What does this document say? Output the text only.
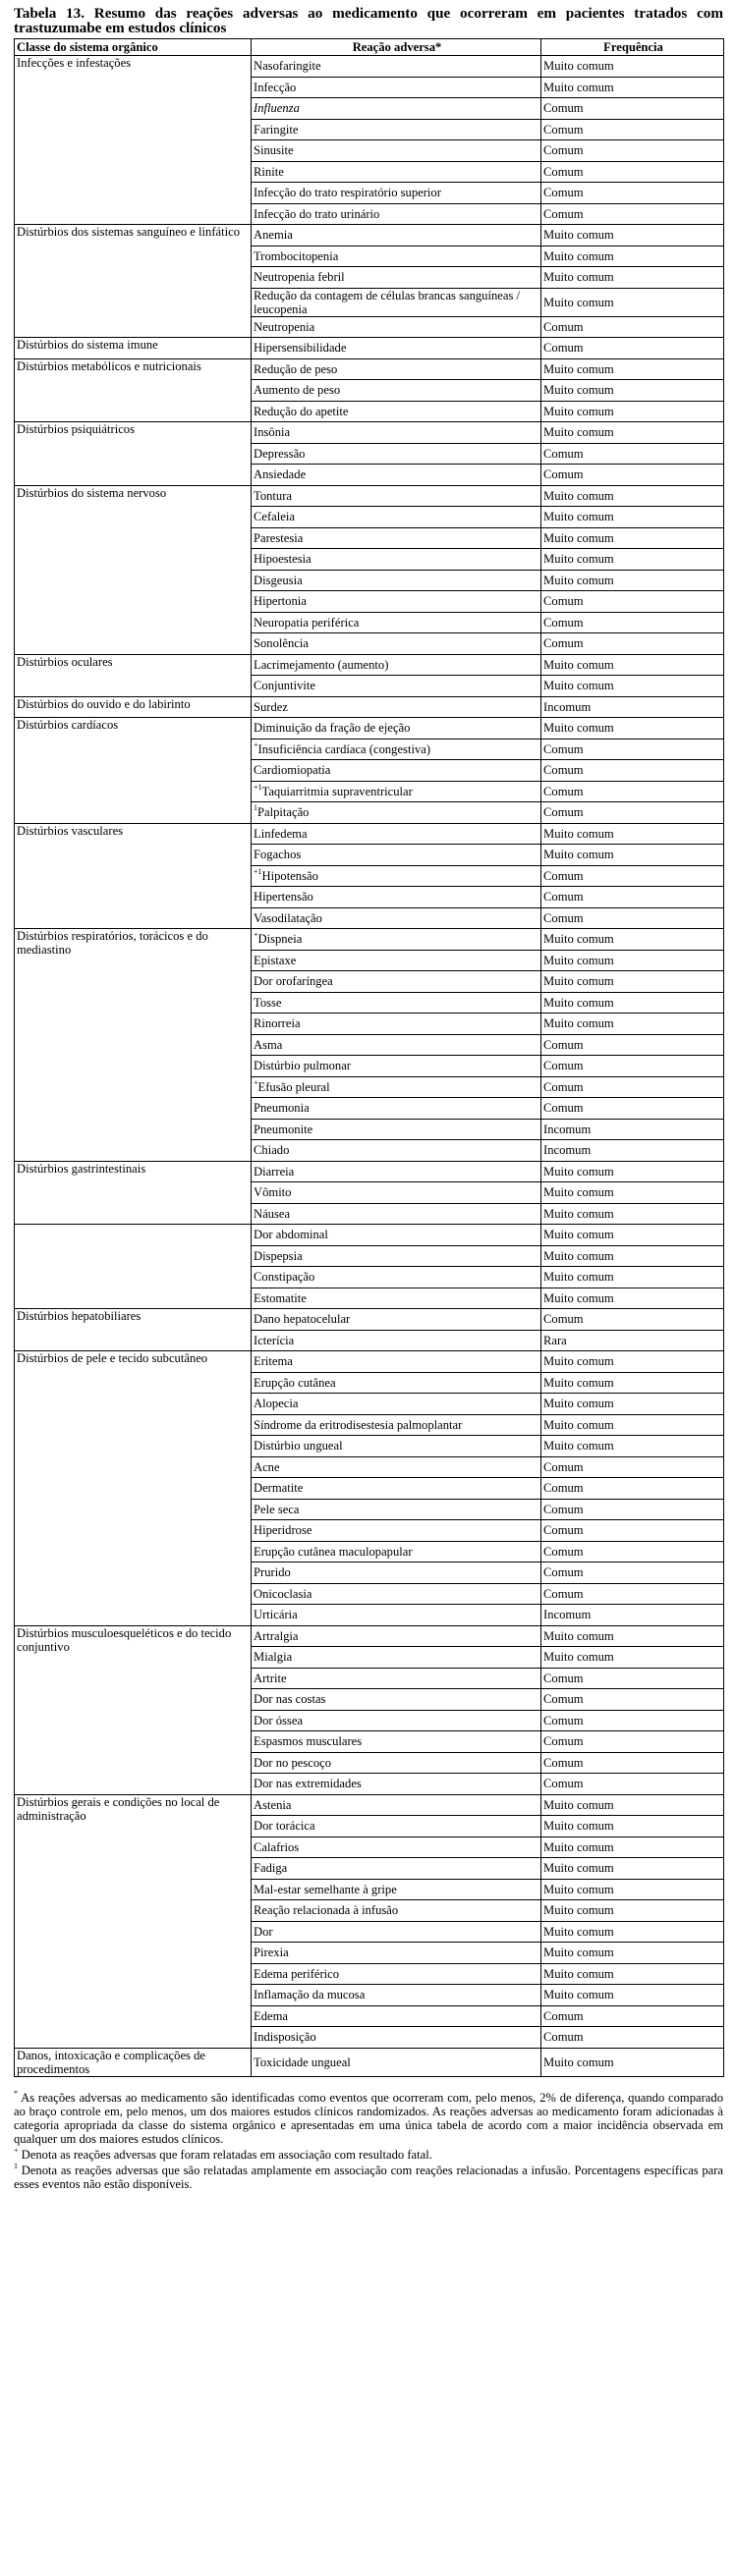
Tabela 13. Resumo das reações adversas ao medicamento que ocorreram em pacientes tratados com trastuzumabe em estudos clínicos
Classe do sistema orgânico	Reação adversa*	Frequência
Infecções e infestações	Nasofaringite	Muito comum
	Infecção	Muito comum
	Influenza	Comum
	Faringite	Comum
	Sinusite	Comum
	Rinite	Comum
	Infecção do trato respiratório superior	Comum
	Infecção do trato urinário	Comum
Distúrbios dos sistemas sanguíneo e linfático	Anemia	Muito comum
	Trombocitopenia	Muito comum
	Neutropenia febril	Muito comum
	Redução da contagem de células brancas sanguíneas / leucopenia	Muito comum
	Neutropenia	Comum
Distúrbios do sistema imune	Hipersensibilidade	Comum
Distúrbios metabólicos e nutricionais	Redução de peso	Muito comum
	Aumento de peso	Muito comum
	Redução do apetite	Muito comum
Distúrbios psiquiátricos	Insônia	Muito comum
	Depressão	Comum
	Ansiedade	Comum
Distúrbios do sistema nervoso	Tontura	Muito comum
	Cefaleia	Muito comum
	Parestesia	Muito comum
	Hipoestesia	Muito comum
	Disgeusia	Muito comum
	Hipertonia	Comum
	Neuropatia periférica	Comum
	Sonolência	Comum
Distúrbios oculares	Lacrimejamento (aumento)	Muito comum
	Conjuntivite	Muito comum
Distúrbios do ouvido e do labirinto	Surdez	Incomum
Distúrbios cardíacos	Diminuição da fração de ejeção	Muito comum
	+Insuficiência cardíaca (congestiva)	Comum
	Cardiomiopatia	Comum
	$^{+1}$Taquiarritmia supraventricular	Comum
	$^1$Palpitação	Comum
Distúrbios vasculares	Linfedema	Muito comum
	Fogachos	Muito comum
	$^{+1}$Hipotensão	Comum
	Hipertensão	Comum
	Vasodilatação	Comum
Distúrbios respiratórios, torácicos e do mediastino	+Dispneia	Muito comum
	Epistaxe	Muito comum
	Dor orofaríngea	Muito comum
	Tosse	Muito comum
	Rinorreia	Muito comum
	Asma	Comum
	Distúrbio pulmonar	Comum
	+Efusão pleural	Comum
	Pneumonia	Comum
	Pneumonite	Incomum
	Chiado	Incomum
Distúrbios gastrintestinais	Diarreia	Muito comum
	Vômito	Muito comum
	Náusea	Muito comum
	Dor abdominal	Muito comum
	Dispepsia	Muito comum
	Constipação	Muito comum
	Estomatite	Muito comum
Distúrbios hepatobiliares	Dano hepatocelular	Comum
	Icterícia	Rara
Distúrbios de pele e tecido subcutâneo	Eritema	Muito comum
	Erupção cutânea	Muito comum
	Alopecia	Muito comum
	Síndrome da eritrodisestesia palmoplantar	Muito comum
	Distúrbio ungueal	Muito comum
	Acne	Comum
	Dermatite	Comum
	Pele seca	Comum
	Hiperidrose	Comum
	Erupção cutânea maculopapular	Comum
	Prurido	Comum
	Onicoclasia	Comum
	Urticária	Incomum
Distúrbios musculoesqueléticos e do tecido conjuntivo	Artralgia	Muito comum
	Mialgia	Muito comum
	Artrite	Comum
	Dor nas costas	Comum
	Dor óssea	Comum
	Espasmos musculares	Comum
	Dor no pescoço	Comum
	Dor nas extremidades	Comum
Distúrbios gerais e condições no local de administração	Astenia	Muito comum
	Dor torácica	Muito comum
	Calafrios	Muito comum
	Fadiga	Muito comum
	Mal-estar semelhante à gripe	Muito comum
	Reação relacionada à infusão	Muito comum
	Dor	Muito comum
	Pirexia	Muito comum
	Edema periférico	Muito comum
	Inflamação da mucosa	Muito comum
	Edema	Comum
	Indisposição	Comum
Danos, intoxicação e complicações de procedimentos	Toxicidade ungueal	Muito comum

* As reações adversas ao medicamento são identificadas como eventos que ocorreram com, pelo menos, 2% de diferença, quando comparado ao braço controle em, pelo menos, um dos maiores estudos clínicos randomizados. As reações adversas ao medicamento foram adicionadas à categoria apropriada da classe do sistema orgânico e apresentadas em uma única tabela de acordo com a maior incidência observada em qualquer um dos maiores estudos clínicos.

+ Denota as reações adversas que foram relatadas em associação com resultado fatal.

$^1$ Denota as reações adversas que são relatadas amplamente em associação com reações relacionadas a infusão. Porcentagens específicas para esses eventos não estão disponíveis.
